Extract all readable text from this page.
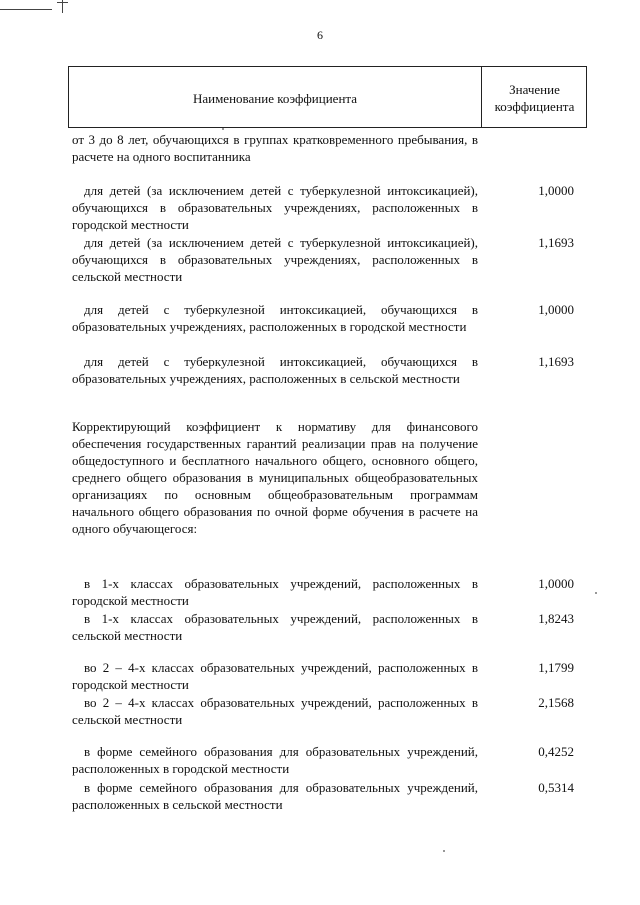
6
Наименование коэффициента
Значение
коэффициента
от 3 до 8 лет, обучающихся в группах кратковременного пребывания, в расчете на одного воспитанника
для детей (за исключением детей с туберкулезной интоксикацией), обучающихся в образовательных учреждениях, расположенных в городской местности
1,0000
для детей (за исключением детей с туберкулезной интоксикацией), обучающихся в образовательных учреждениях, расположенных в сельской местности
1,1693
для детей с туберкулезной интоксикацией, обучающихся в образовательных учреждениях, расположенных в городской местности
1,0000
для детей с туберкулезной интоксикацией, обучающихся в образовательных учреждениях, расположенных в сельской местности
1,1693
Корректирующий коэффициент к нормативу для финансового обеспечения государственных гарантий реализации прав на получение общедоступного и бесплатного начального общего, основного общего, среднего общего образования в муниципальных общеобразовательных организациях по основным общеобразовательным программам начального общего образования по очной форме обучения в расчете на одного обучающегося:
в 1-х классах образовательных учреждений, расположенных в городской местности
1,0000
в 1-х классах образовательных учреждений, расположенных в сельской местности
1,8243
во 2 – 4-х классах образовательных учреждений, расположенных в городской местности
1,1799
во 2 – 4-х классах образовательных учреждений, расположенных в сельской местности
2,1568
в форме семейного образования для образовательных учреждений, расположенных в городской местности
0,4252
в форме семейного образования для образовательных учреждений, расположенных в сельской местности
0,5314
